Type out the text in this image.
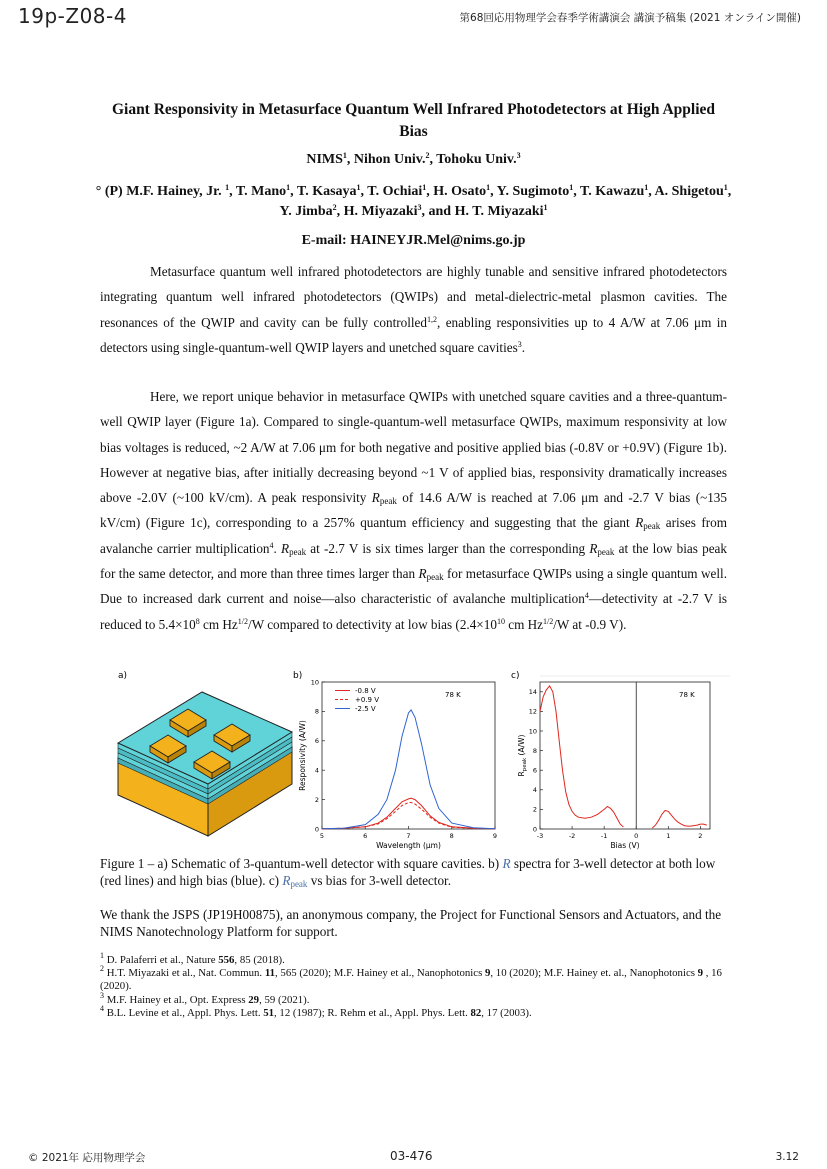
19p-Z08-4	第68回応用物理学会春季学術講演会 講演予稿集 (2021 オンライン開催)
Giant Responsivity in Metasurface Quantum Well Infrared Photodetectors at High Applied Bias
NIMS$^1$, Nihon Univ.$^2$, Tohoku Univ.$^3$
° (P) M.F. Hainey, Jr. $^1$, T. Mano$^1$, T. Kasaya$^1$, T. Ochiai$^1$, H. Osato$^1$, Y. Sugimoto$^1$, T. Kawazu$^1$, A. Shigetou$^1$, Y. Jimba$^2$, H. Miyazaki$^3$, and H. T. Miyazaki$^1$
E-mail: HAINEYJR.Mel@nims.go.jp
Metasurface quantum well infrared photodetectors are highly tunable and sensitive infrared photodetectors integrating quantum well infrared photodetectors (QWIPs) and metal-dielectric-metal plasmon cavities. The resonances of the QWIP and cavity can be fully controlled$^{1,2}$, enabling responsivities up to 4 A/W at 7.06 μm in detectors using single-quantum-well QWIP layers and unetched square cavities$^3$.
Here, we report unique behavior in metasurface QWIPs with unetched square cavities and a three-quantum-well QWIP layer (Figure 1a). Compared to single-quantum-well metasurface QWIPs, maximum responsivity at low bias voltages is reduced, ~2 A/W at 7.06 μm for both negative and positive applied bias (-0.8V or +0.9V) (Figure 1b). However at negative bias, after initially decreasing beyond ~1 V of applied bias, responsivity dramatically increases above -2.0V (~100 kV/cm). A peak responsivity $R_{peak}$ of 14.6 A/W is reached at 7.06 μm and -2.7 V bias (~135 kV/cm) (Figure 1c), corresponding to a 257% quantum efficiency and suggesting that the giant $R_{peak}$ arises from avalanche carrier multiplication$^4$. $R_{peak}$ at -2.7 V is six times larger than the corresponding $R_{peak}$ at the low bias peak for the same detector, and more than three times larger than $R_{peak}$ for metasurface QWIPs using a single quantum well. Due to increased dark current and noise—also characteristic of avalanche multiplication$^4$—detectivity at -2.7 V is reduced to $5.4\times 10^8$ cm $Hz^{1/2}/W$ compared to detectivity at low bias ($2.4\times 10^{10}$ cm $Hz^{1/2}/W$ at -0.9 V).
a)	b)
5	6	7	8	9
0
2
4
6
8
10
Wavelength (μm)
Responsivity (A/W)
-0.8 V
+0.9 V
-2.5 V
78 K
c)
-3	-2	-1	0	1	2
0
2
4
6
8
10
12
14
Bias (V)
$R_{peak}$ (A/W)
78 K
Figure 1 – a) Schematic of 3-quantum-well detector with square cavities. b) R spectra for 3-well detector at both low (red lines) and high bias (blue). c) $R_{peak}$ vs bias for 3-well detector.
We thank the JSPS (JP19H00875), an anonymous company, the Project for Functional Sensors and Actuators, and the NIMS Nanotechnology Platform for support.
$^1$ D. Palaferri et al., Nature 556, 85 (2018).
$^2$ H.T. Miyazaki et al., Nat. Commun. 11, 565 (2020); M.F. Hainey et al., Nanophotonics 9, 10 (2020); M.F. Hainey et. al., Nanophotonics 9 , 16 (2020).
$^3$ M.F. Hainey et al., Opt. Express 29, 59 (2021).
$^4$ B.L. Levine et al., Appl. Phys. Lett. 51, 12 (1987); R. Rehm et al., Appl. Phys. Lett. 82, 17 (2003).
© 2021年 応用物理学会	03-476	3.12
